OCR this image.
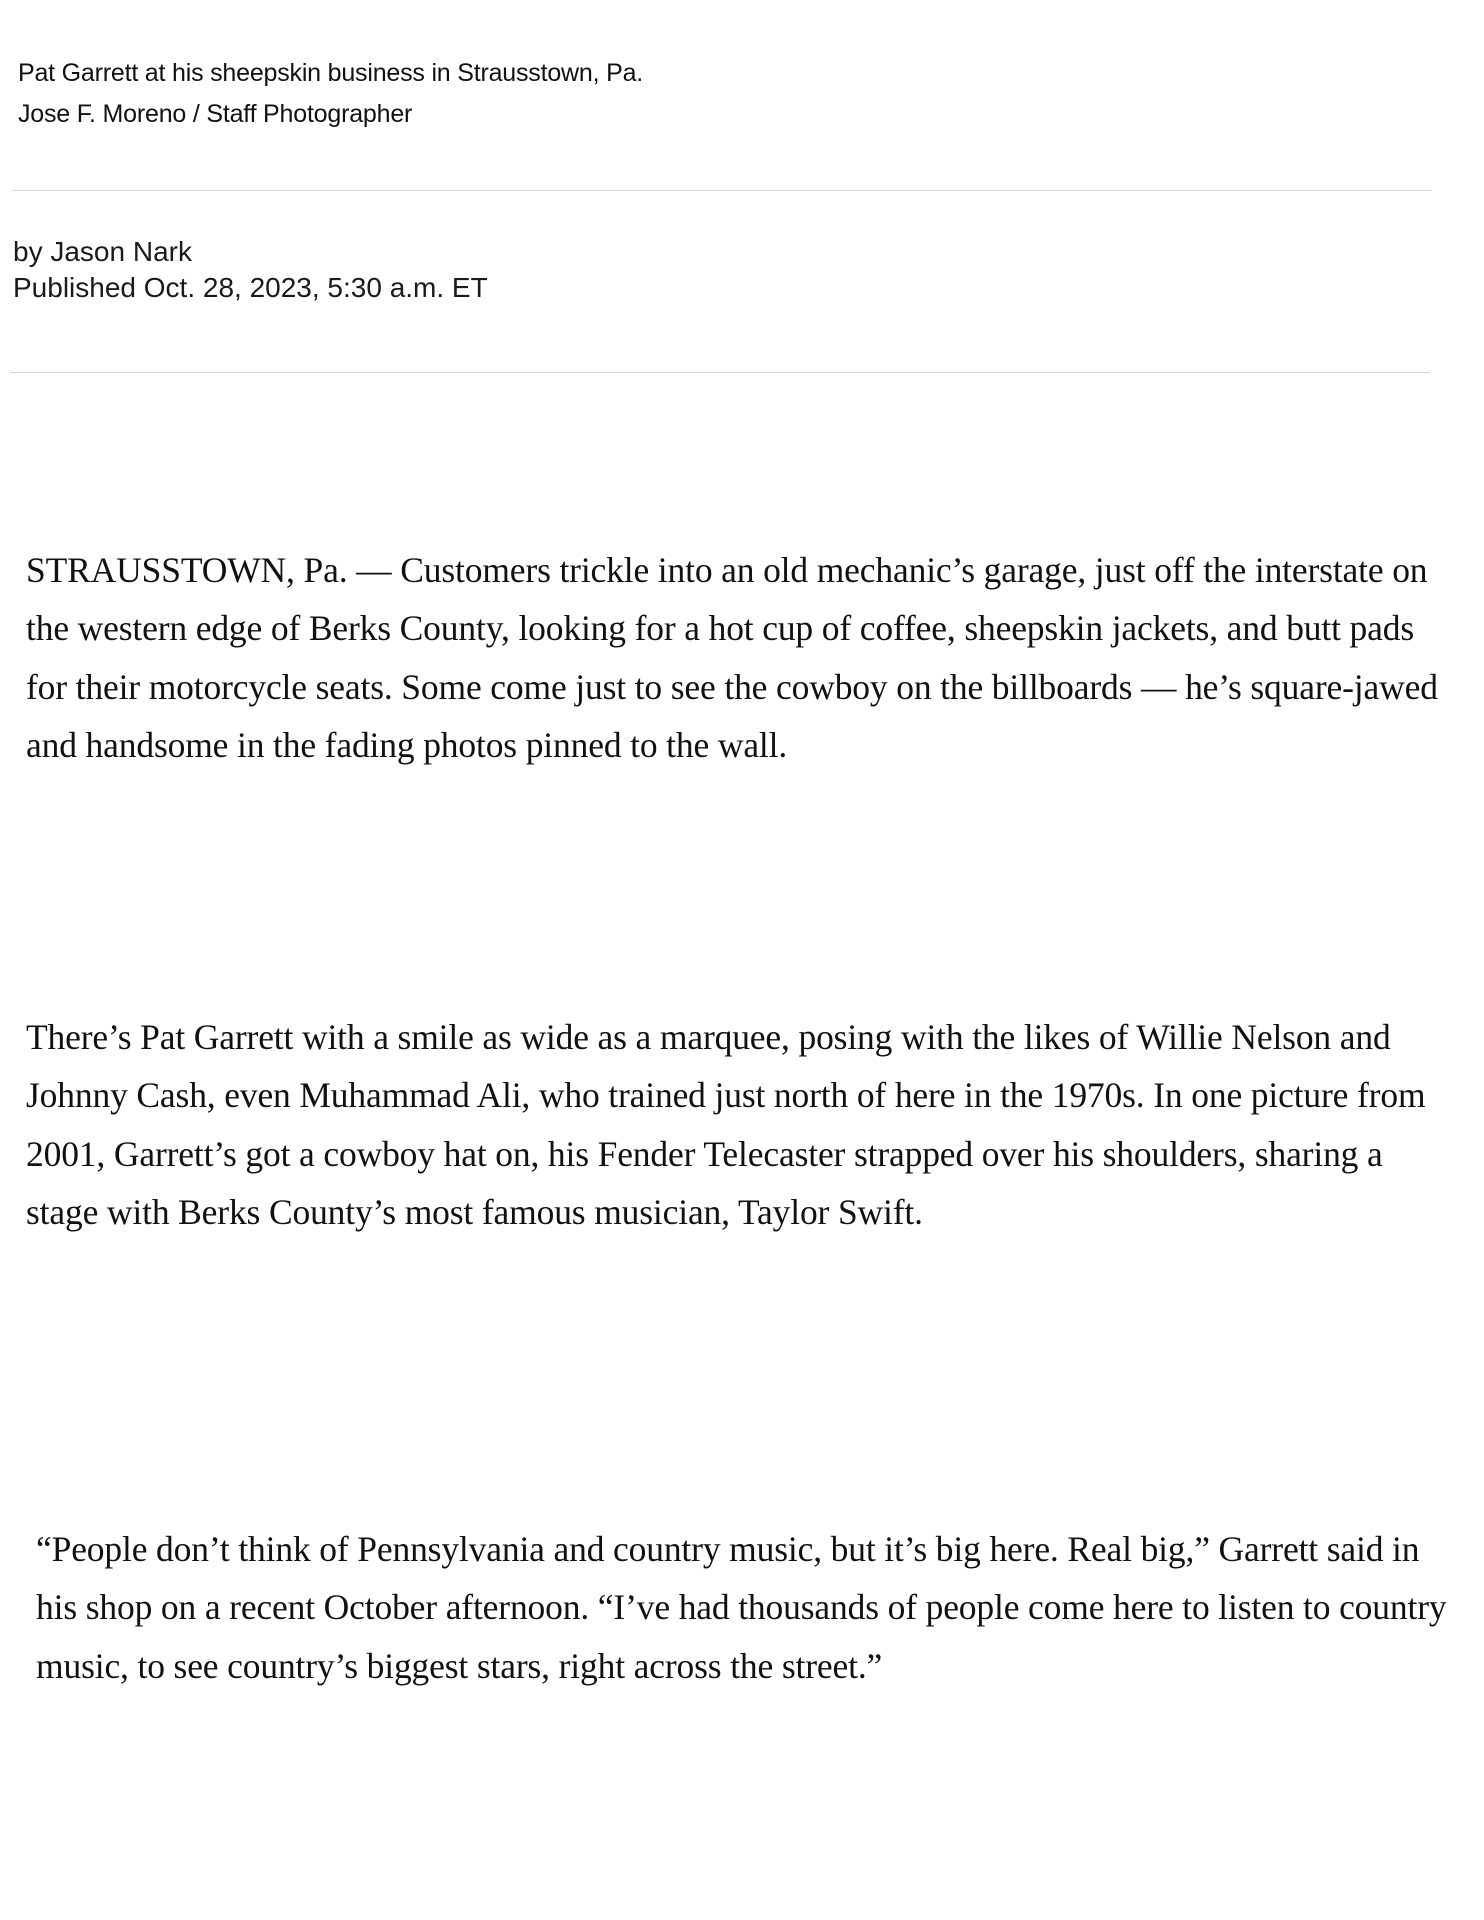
Pat Garrett at his sheepskin business in Strausstown, Pa.
Jose F. Moreno / Staff Photographer
by Jason Nark
Published Oct. 28, 2023, 5:30 a.m. ET

STRAUSSTOWN, Pa. — Customers trickle into an old mechanic’s garage, just off the interstate on the western edge of Berks County, looking for a hot cup of coffee, sheepskin jackets, and butt pads for their motorcycle seats. Some come just to see the cowboy on the billboards — he’s square-jawed and handsome in the fading photos pinned to the wall.

There’s Pat Garrett with a smile as wide as a marquee, posing with the likes of Willie Nelson and Johnny Cash, even Muhammad Ali, who trained just north of here in the 1970s. In one picture from 2001, Garrett’s got a cowboy hat on, his Fender Telecaster strapped over his shoulders, sharing a stage with Berks County’s most famous musician, Taylor Swift.

“People don’t think of Pennsylvania and country music, but it’s big here. Real big,” Garrett said in his shop on a recent October afternoon. “I’ve had thousands of people come here to listen to country music, to see country’s biggest stars, right across the street.”
